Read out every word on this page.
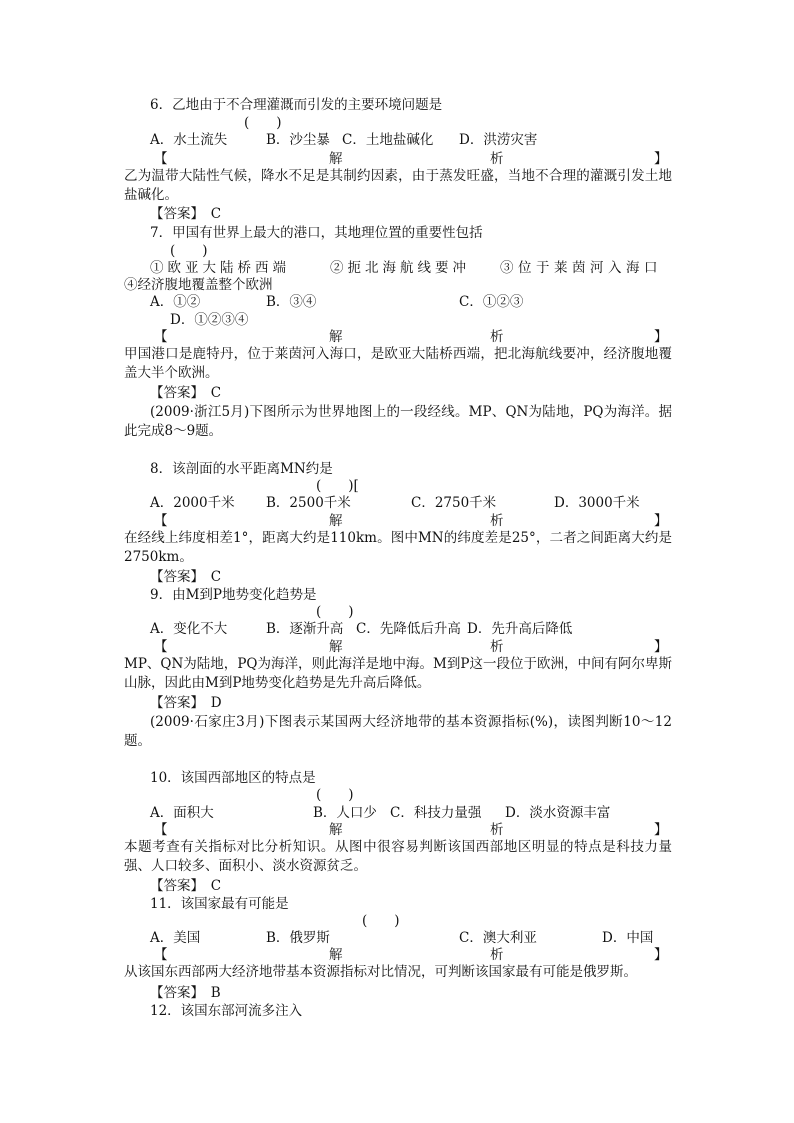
6．乙地由于不合理灌溉而引发的主要环境问题是
(　　)
A．水土流失	B．沙尘暴 C．土地盐碱化 D．洪涝灾害
【	解	析	】
乙为温带大陆性气候，降水不足是其制约因素，由于蒸发旺盛，当地不合理的灌溉引发土地盐碱化。
【答案】　C
7．甲国有世界上最大的港口，其地理位置的重要性包括
(　　)
①欧亚大陆桥西端	②扼北海航线要冲 ③位于莱茵河入海口
④经济腹地覆盖整个欧洲
A．①②	B．③④	C．①②③
D．①②③④
【	解	析	】
甲国港口是鹿特丹，位于莱茵河入海口，是欧亚大陆桥西端，把北海航线要冲，经济腹地覆盖大半个欧洲。
【答案】　C
(2009·浙江5月)下图所示为世界地图上的一段经线。MP、QN为陆地，PQ为海洋。据此完成8～9题。
8．该剖面的水平距离MN约是
(　　)[
A．2000千米 B．2500千米	C．2750千米	D．3000千米
【	解	析	】
在经线上纬度相差1°，距离大约是110km。图中MN的纬度差是25°，二者之间距离大约是2750km。
【答案】　C
9．由M到P地势变化趋势是
(　　)
A．变化不大	B．逐渐升高 C．先降低后升高 D．先升高后降低
【	解	析	】
MP、QN为陆地，PQ为海洋，则此海洋是地中海。M到P这一段位于欧洲，中间有阿尔卑斯山脉，因此由M到P地势变化趋势是先升高后降低。
【答案】　D
(2009·石家庄3月)下图表示某国两大经济地带的基本资源指标(%)，读图判断10～12题。
10．该国西部地区的特点是
(　　)
A．面积大	B．人口少 C．科技力量强 D．淡水资源丰富
【	解	析	】
本题考查有关指标对比分析知识。从图中很容易判断该国西部地区明显的特点是科技力量强、人口较多、面积小、淡水资源贫乏。
【答案】　C
11．该国家最有可能是
(　　)
A．美国	B．俄罗斯	C．澳大利亚	D．中国
【	解	析	】
从该国东西部两大经济地带基本资源指标对比情况，可判断该国家最有可能是俄罗斯。
【答案】　B
12．该国东部河流多注入
